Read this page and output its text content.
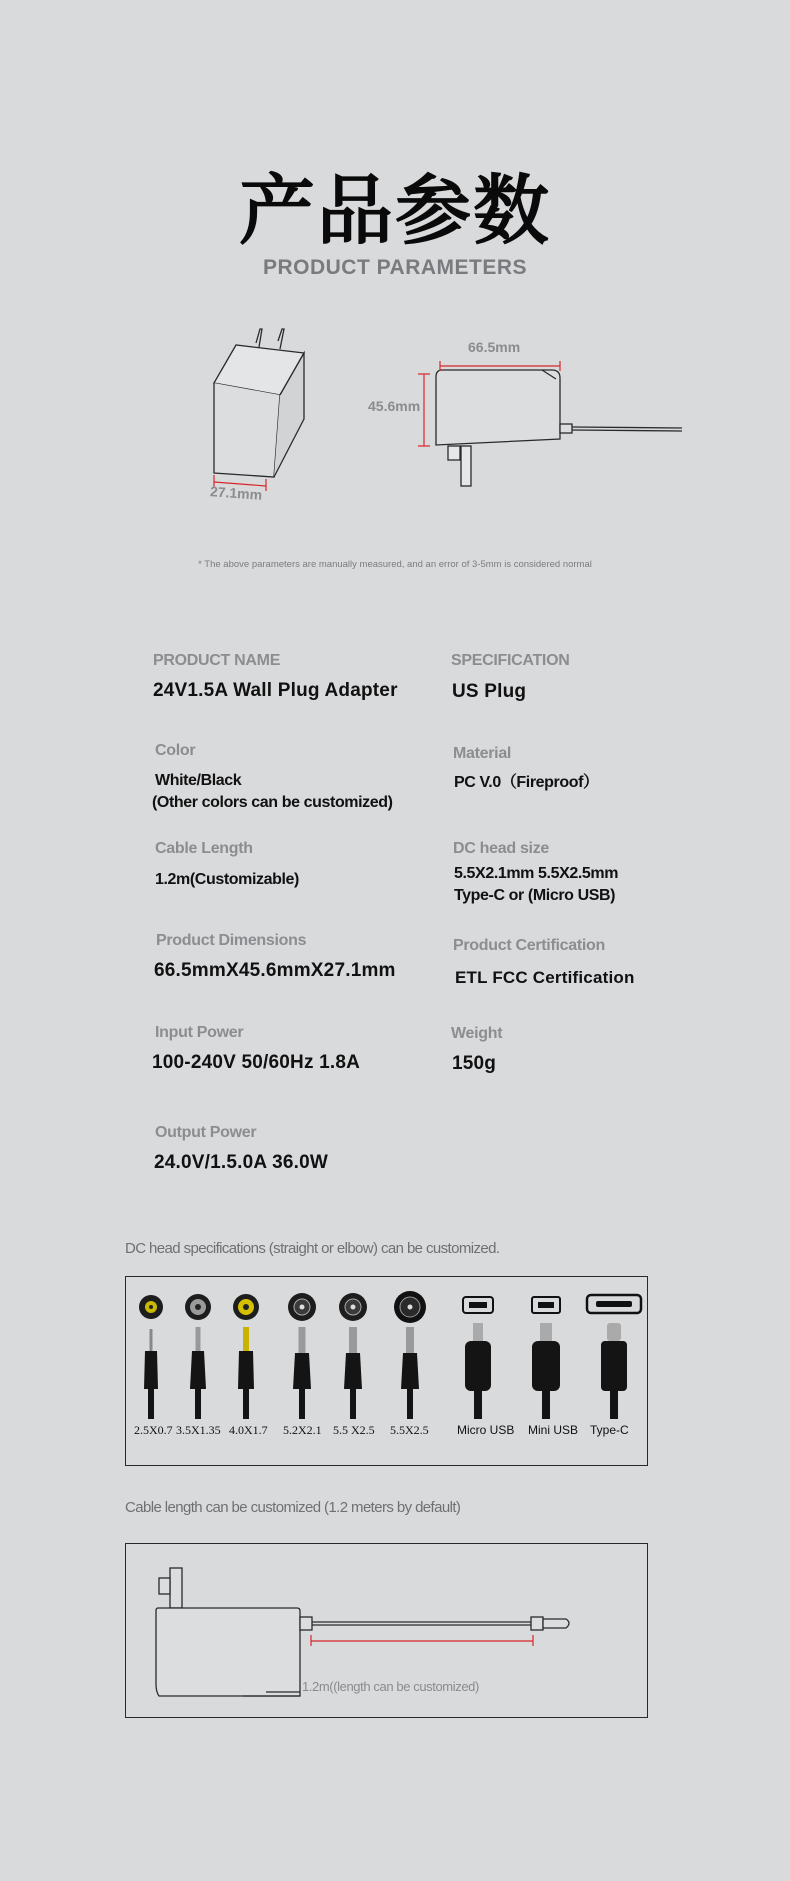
产品参数
PRODUCT PARAMETERS
66.5mm
45.6mm
27.1mm
* The above parameters are manually measured, and an error of 3-5mm is considered normal
PRODUCT NAME
24V1.5A Wall Plug Adapter
SPECIFICATION
US Plug
Color
White/Black
(Other colors can be customized)
Material
PC V.0（Fireproof）
Cable Length
1.2m(Customizable)
DC head size
5.5X2.1mm 5.5X2.5mm
Type-C or (Micro USB)
Product Dimensions
66.5mmX45.6mmX27.1mm
Product Certification
ETL FCC Certification
Input Power
100-240V 50/60Hz 1.8A
Weight
150g
Output Power
24.0V/1.5.0A 36.0W
DC head specifications (straight or elbow) can be customized.
2.5X0.7 3.5X1.35 4.0X1.7 5.2X2.1 5.5 X2.5 5.5X2.5 Micro USB Mini USB Type-C
Cable length can be customized (1.2 meters by default)
1.2m((length can be customized)
